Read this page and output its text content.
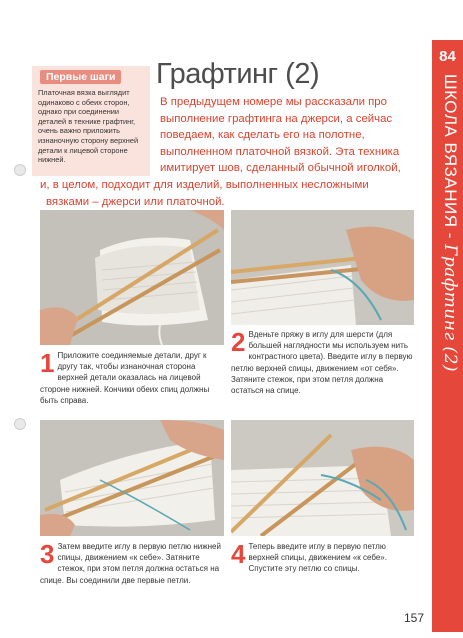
84
ШКОЛА ВЯЗАНИЯ - Графтинг (2)
Первые шаги
Платочная вязка выглядит одинаково с обеих сторон, однако при соединении деталей в технике графтинг, очень важно приложить изнаночную сторону верхней детали к лицевой стороне нижней.
Графтинг (2)
В предыдущем номере мы рассказали про
выполнение графтинга на джерси, а сейчас
поведаем, как сделать его на полотне,
выполненном платочной вязкой. Эта техника
имитирует шов, сделанный обычной иголкой,
и, в целом, подходит для изделий, выполненных несложными
вязками – джерси или платочной.
1 Приложите соединяемые детали, друг к другу так, чтобы изнаночная сторона верхней детали оказалась на лицевой стороне нижней. Кончики обеих спиц должны быть справа.
2 Вденьте пряжу в иглу для шерсти (для большей наглядности мы используем нить контрастного цвета). Введите иглу в первую петлю верхней спицы, движением «от себя». Затяните стежок, при этом петля должна остаться на спице.
3 Затем введите иглу в первую петлю нижней спицы, движением «к себе». Затяните стежок, при этом петля должна остаться на спице. Вы соединили две первые петли.
4 Теперь введите иглу в первую петлю верхней спицы, движением «к себе». Спустите эту петлю со спицы.
157
